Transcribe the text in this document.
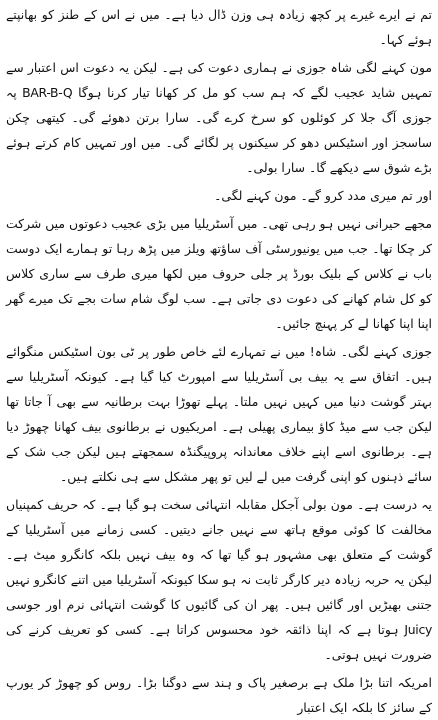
تم نے ایرے غیرے پر کچھ زیادہ ہی وزن ڈال دیا ہے۔ میں نے اس کے طنز کو بھانپتے ہوئے کہا۔

مون کہنے لگی شاہ جوزی نے ہماری دعوت کی ہے۔ لیکن یہ دعوت اس اعتبار سے تمہیں شاید عجیب لگے کہ ہم سب کو مل کر کھانا تیار کرنا ہوگا BAR-B-Q پہ جوزی آگ جلا کر کوئلوں کو سرخ کرے گی۔ سارا برتن دھوئے گی۔ کیتھی چکن ساسجز اور اسٹیکس دھو کر سیکنوں پر لگائے گی۔ میں اور تمہیں کام کرتے ہوئے بڑے شوق سے دیکھے گا۔ سارا بولی۔

اور تم میری مدد کرو گے۔ مون کہنے لگی۔

مجھے حیرانی نہیں ہو رہی تھی۔ میں آسٹریلیا میں بڑی عجیب دعوتوں میں شرکت کر چکا تھا۔ جب میں یونیورسٹی آف ساؤتھ ویلز میں پڑھ رہا تو ہمارے ایک دوست باب نے کلاس کے بلیک بورڈ پر جلی حروف میں لکھا میری طرف سے ساری کلاس کو کل شام کھانے کی دعوت دی جاتی ہے۔ سب لوگ شام سات بجے تک میرے گھر اپنا اپنا کھانا لے کر پہنچ جائیں۔

جوزی کہنے لگی۔ شاہ! میں نے تمہارے لئے خاص طور پر ٹی بون اسٹیکس منگوائے ہیں۔ اتفاق سے یہ بیف بی آسٹریلیا سے امپورٹ کیا گیا ہے۔ کیونکہ آسٹریلیا سے بہتر گوشت دنیا میں کہیں نہیں ملتا۔ پہلے تھوڑا بہت برطانیہ سے بھی آ جاتا تھا لیکن جب سے میڈ کاؤ بیماری پھیلی ہے۔ امریکیوں نے برطانوی بیف کھانا چھوڑ دیا ہے۔ برطانوی اسے اپنے خلاف معاندانہ پروپیگنڈہ سمجھتے ہیں لیکن جب شک کے سائے ذہنوں کو اپنی گرفت میں لے لیں تو پھر مشکل سے ہی نکلتے ہیں۔

یہ درست ہے۔ مون بولی آجکل مقابلہ انتہائی سخت ہو گیا ہے۔ کہ حریف کمپنیاں مخالفت کا کوئی موقع ہاتھ سے نہیں جانے دیتیں۔ کسی زمانے میں آسٹریلیا کے گوشت کے متعلق بھی مشہور ہو گیا تھا کہ وہ بیف نہیں بلکہ کانگرو میٹ ہے۔ لیکن یہ حربہ زیادہ دیر کارگر ثابت نہ ہو سکا کیونکہ آسٹریلیا میں اتنے کانگرو نہیں جتنی بھیڑیں اور گائیں ہیں۔ پھر ان کی گائیوں کا گوشت انتہائی نرم اور جوسی Juicy ہوتا ہے کہ اپنا ذائقہ خود محسوس کراتا ہے۔ کسی کو تعریف کرنے کی ضرورت نہیں ہوتی۔

امریکہ اتنا بڑا ملک ہے برصغیر پاک و ہند سے دوگنا بڑا۔ روس کو چھوڑ کر یورپ کے سائز کا بلکہ ایک اعتبار
